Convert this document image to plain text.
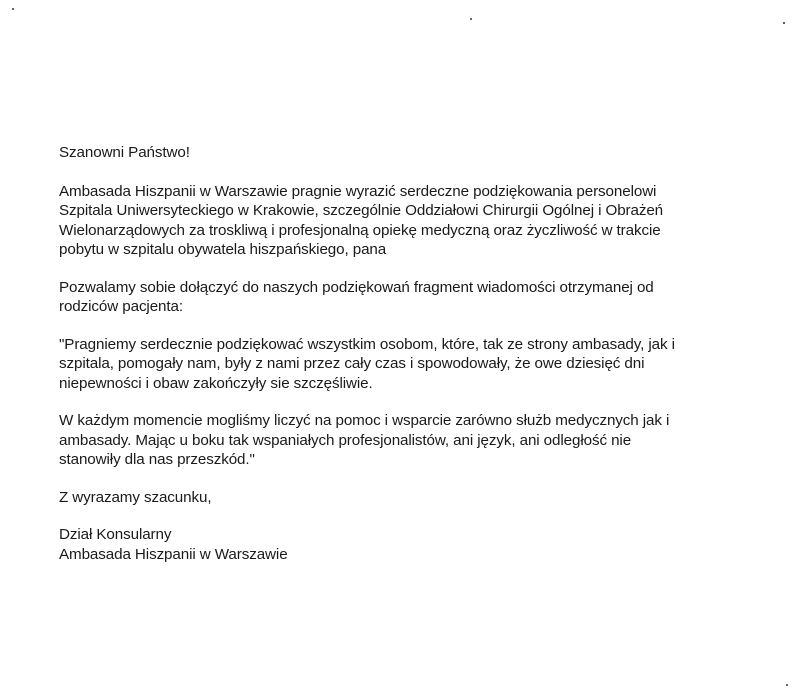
Szanowni Państwo!

Ambasada Hiszpanii w Warszawie pragnie wyrazić serdeczne podziękowania personelowi
Szpitala Uniwersyteckiego w Krakowie, szczególnie Oddziałowi Chirurgii Ogólnej i Obrażeń
Wielonarządowych za troskliwą i profesjonalną opiekę medyczną oraz życzliwość w trakcie
pobytu w szpitalu obywatela hiszpańskiego, pana

Pozwalamy sobie dołączyć do naszych podziękowań fragment wiadomości otrzymanej od
rodziców pacjenta:

"Pragniemy serdecznie podziękować wszystkim osobom, które, tak ze strony ambasady, jak i
szpitala, pomogały nam, były z nami przez cały czas i spowodowały, że owe dziesięć dni
niepewności i obaw zakończyły sie szczęśliwie.

W każdym momencie mogliśmy liczyć na pomoc i wsparcie zarówno służb medycznych jak i
ambasady. Mając u boku tak wspaniałych profesjonalistów, ani język, ani odległość nie
stanowiły dla nas przeszkód."

Z wyrazamy szacunku,

Dział Konsularny
Ambasada Hiszpanii w Warszawie
